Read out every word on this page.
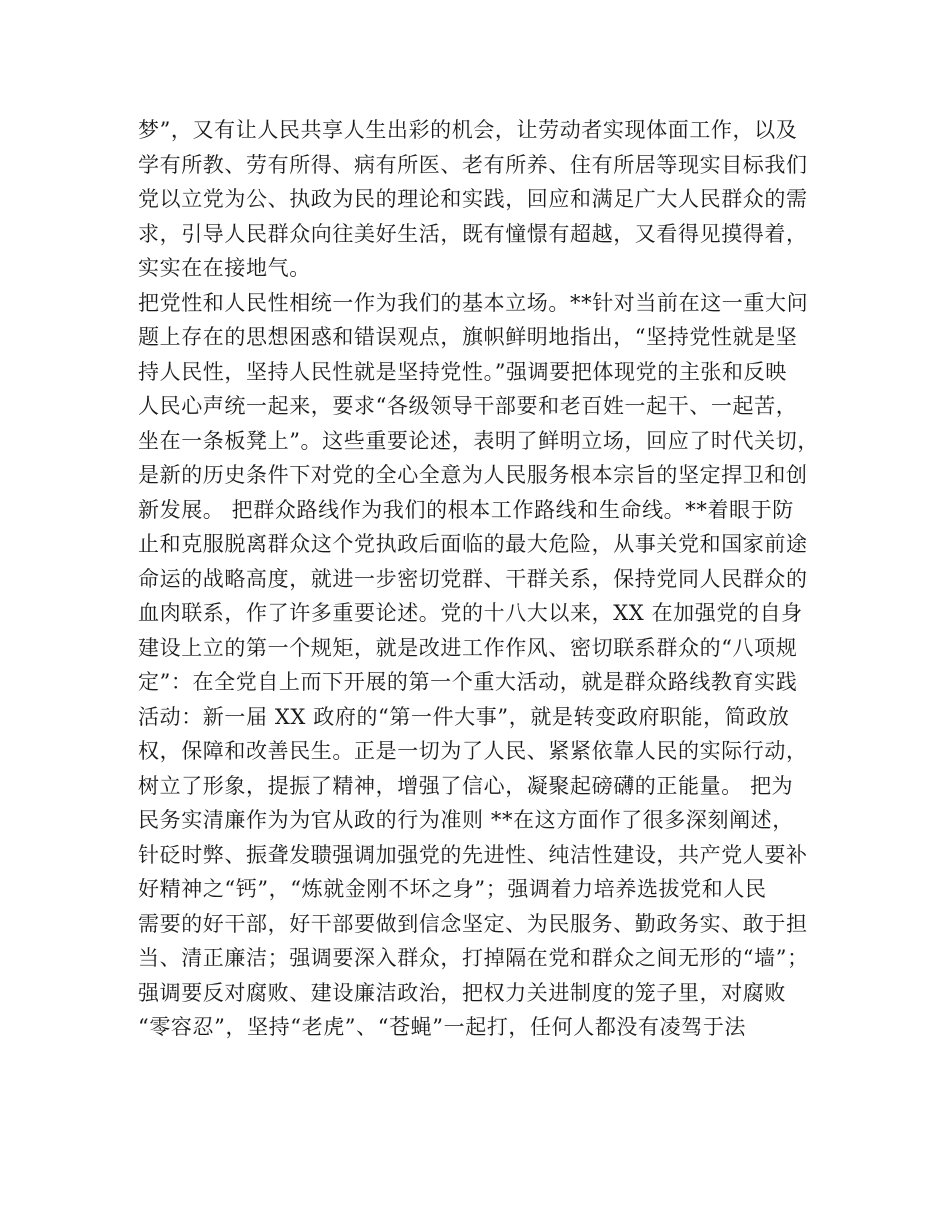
梦”，又有让人民共享人生出彩的机会，让劳动者实现体面工作，以及
学有所教、劳有所得、病有所医、老有所养、住有所居等现实目标我们
党以立党为公、执政为民的理论和实践，回应和满足广大人民群众的需
求，引导人民群众向往美好生活，既有憧憬有超越，又看得见摸得着，
实实在在接地气。
把党性和人民性相统一作为我们的基本立场。**针对当前在这一重大问
题上存在的思想困惑和错误观点，旗帜鲜明地指出，“坚持党性就是坚
持人民性，坚持人民性就是坚持党性。”强调要把体现党的主张和反映
人民心声统一起来，要求“各级领导干部要和老百姓一起干、一起苦，
坐在一条板凳上”。这些重要论述，表明了鲜明立场，回应了时代关切，
是新的历史条件下对党的全心全意为人民服务根本宗旨的坚定捍卫和创
新发展。 把群众路线作为我们的根本工作路线和生命线。**着眼于防
止和克服脱离群众这个党执政后面临的最大危险，从事关党和国家前途
命运的战略高度，就进一步密切党群、干群关系，保持党同人民群众的
血肉联系，作了许多重要论述。党的十八大以来，XX 在加强党的自身
建设上立的第一个规矩，就是改进工作作风、密切联系群众的“八项规
定”：在全党自上而下开展的第一个重大活动，就是群众路线教育实践
活动：新一届 XX 政府的“第一件大事”，就是转变政府职能，简政放
权，保障和改善民生。正是一切为了人民、紧紧依靠人民的实际行动，
树立了形象，提振了精神，增强了信心，凝聚起磅礴的正能量。 把为
民务实清廉作为为官从政的行为准则 **在这方面作了很多深刻阐述，
针砭时弊、振聋发聩强调加强党的先进性、纯洁性建设，共产党人要补
好精神之“钙”，“炼就金刚不坏之身”；强调着力培养选拔党和人民
需要的好干部，好干部要做到信念坚定、为民服务、勤政务实、敢于担
当、清正廉洁；强调要深入群众，打掉隔在党和群众之间无形的“墙”；
强调要反对腐败、建设廉洁政治，把权力关进制度的笼子里，对腐败
“零容忍”，坚持“老虎”、“苍蝇”一起打，任何人都没有凌驾于法
